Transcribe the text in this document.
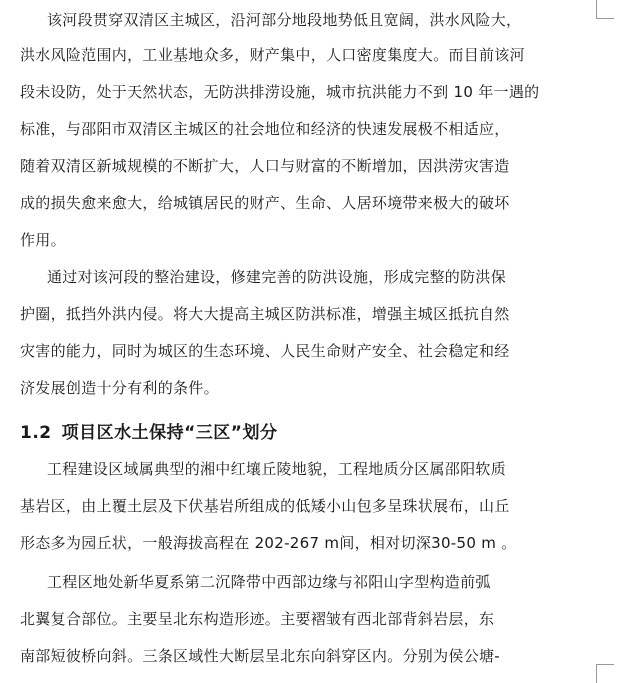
该河段贯穿双清区主城区，沿河部分地段地势低且宽阔，洪水风险大，

洪水风险范围内，工业基地众多，财产集中，人口密度集度大。而目前该河

段未设防，处于天然状态，无防洪排涝设施，城市抗洪能力不到 10 年一遇的

标准，与邵阳市双清区主城区的社会地位和经济的快速发展极不相适应，

随着双清区新城规模的不断扩大，人口与财富的不断增加，因洪涝灾害造

成的损失愈来愈大，给城镇居民的财产、生命、人居环境带来极大的破坏

作用。

通过对该河段的整治建设，修建完善的防洪设施，形成完整的防洪保

护圈，抵挡外洪内侵。将大大提高主城区防洪标准，增强主城区抵抗自然

灾害的能力，同时为城区的生态环境、人民生命财产安全、社会稳定和经

济发展创造十分有利的条件。

1.2 项目区水土保持“三区”划分

工程建设区域属典型的湘中红壤丘陵地貌，工程地质分区属邵阳软质

基岩区，由上覆土层及下伏基岩所组成的低矮小山包多呈珠状展布，山丘

形态多为园丘状，一般海拔高程在 202-267 m间，相对切深30-50 m 。

工程区地处新华夏系第二沉降带中西部边缘与祁阳山字型构造前弧

北翼复合部位。主要呈北东构造形迹。主要褶皱有西北部背斜岩层，东

南部短彼桥向斜。三条区域性大断层呈北东向斜穿区内。分别为侯公塘-
